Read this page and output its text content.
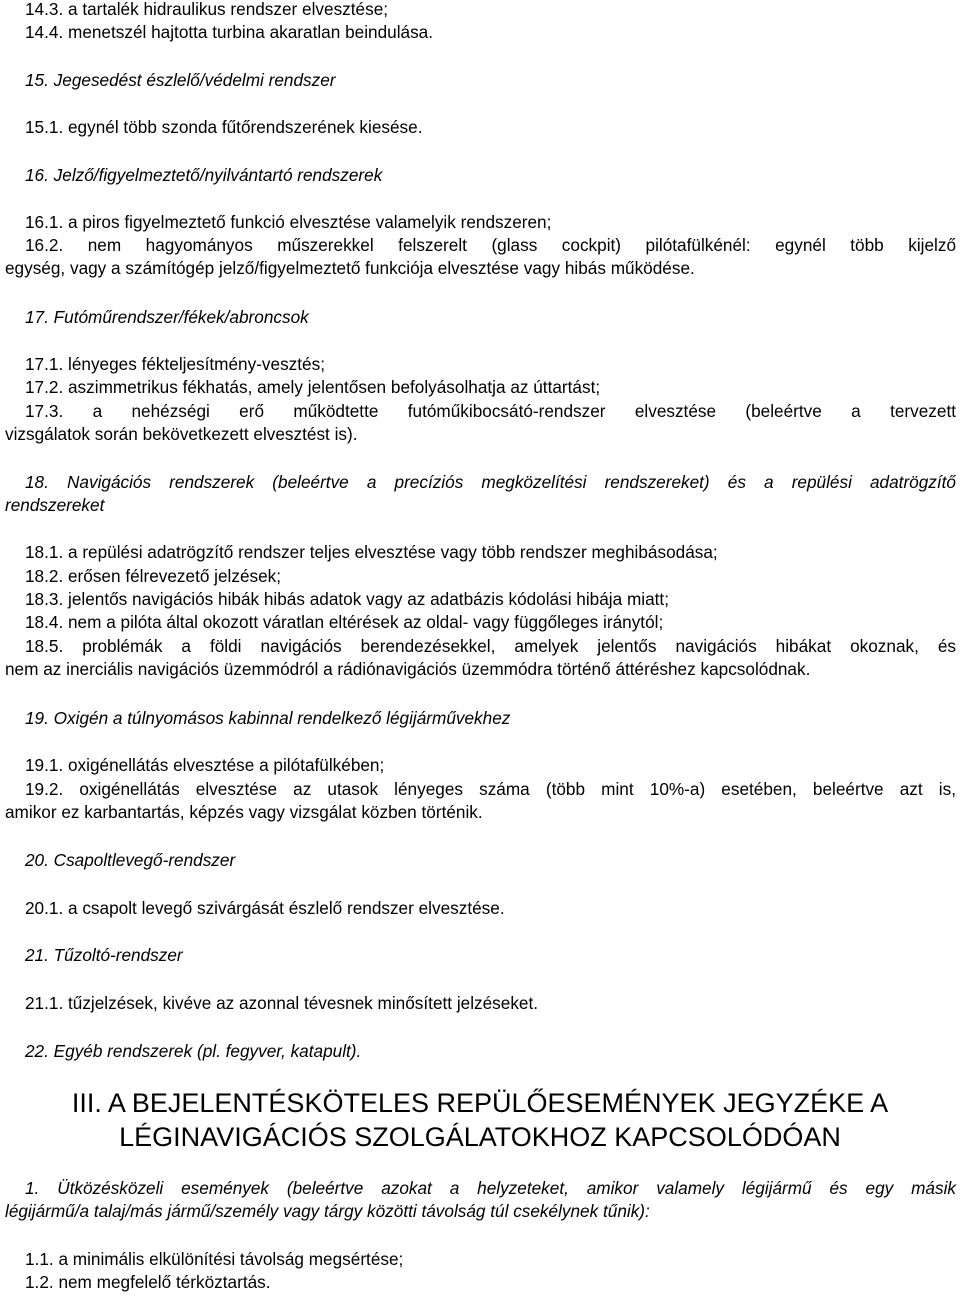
14.3. a tartalék hidraulikus rendszer elvesztése;
14.4. menetszél hajtotta turbina akaratlan beindulása.
15. Jegesedést észlelő/védelmi rendszer
15.1. egynél több szonda fűtőrendszerének kiesése.
16. Jelző/figyelmeztető/nyilvántartó rendszerek
16.1. a piros figyelmeztető funkció elvesztése valamelyik rendszeren;
16.2. nem hagyományos műszerekkel felszerelt (glass cockpit) pilótafülkénél: egynél több kijelző
egység, vagy a számítógép jelző/figyelmeztető funkciója elvesztése vagy hibás működése.
17. Futóműrendszer/fékek/abroncsok
17.1. lényeges fékteljesítmény-vesztés;
17.2. aszimmetrikus fékhatás, amely jelentősen befolyásolhatja az úttartást;
17.3. a nehézségi erő működtette futóműkibocsátó-rendszer elvesztése (beleértve a tervezett
vizsgálatok során bekövetkezett elvesztést is).
18. Navigációs rendszerek (beleértve a precíziós megközelítési rendszereket) és a repülési adatrögzítő
rendszereket
18.1. a repülési adatrögzítő rendszer teljes elvesztése vagy több rendszer meghibásodása;
18.2. erősen félrevezető jelzések;
18.3. jelentős navigációs hibák hibás adatok vagy az adatbázis kódolási hibája miatt;
18.4. nem a pilóta által okozott váratlan eltérések az oldal- vagy függőleges iránytól;
18.5. problémák a földi navigációs berendezésekkel, amelyek jelentős navigációs hibákat okoznak, és
nem az inerciális navigációs üzemmódról a rádiónavigációs üzemmódra történő áttéréshez kapcsolódnak.
19. Oxigén a túlnyomásos kabinnal rendelkező légijárművekhez
19.1. oxigénellátás elvesztése a pilótafülkében;
19.2. oxigénellátás elvesztése az utasok lényeges száma (több mint 10%-a) esetében, beleértve azt is,
amikor ez karbantartás, képzés vagy vizsgálat közben történik.
20. Csapoltlevegő-rendszer
20.1. a csapolt levegő szivárgását észlelő rendszer elvesztése.
21. Tűzoltó-rendszer
21.1. tűzjelzések, kivéve az azonnal tévesnek minősített jelzéseket.
22. Egyéb rendszerek (pl. fegyver, katapult).
III. A BEJELENTÉSKÖTELES REPÜLŐESEMÉNYEK JEGYZÉKE A
LÉGINAVIGÁCIÓS SZOLGÁLATOKHOZ KAPCSOLÓDÓAN
1. Ütközésközeli események (beleértve azokat a helyzeteket, amikor valamely légijármű és egy másik
légijármű/a talaj/más jármű/személy vagy tárgy közötti távolság túl csekélynek tűnik):
1.1. a minimális elkülönítési távolság megsértése;
1.2. nem megfelelő térköztartás.
